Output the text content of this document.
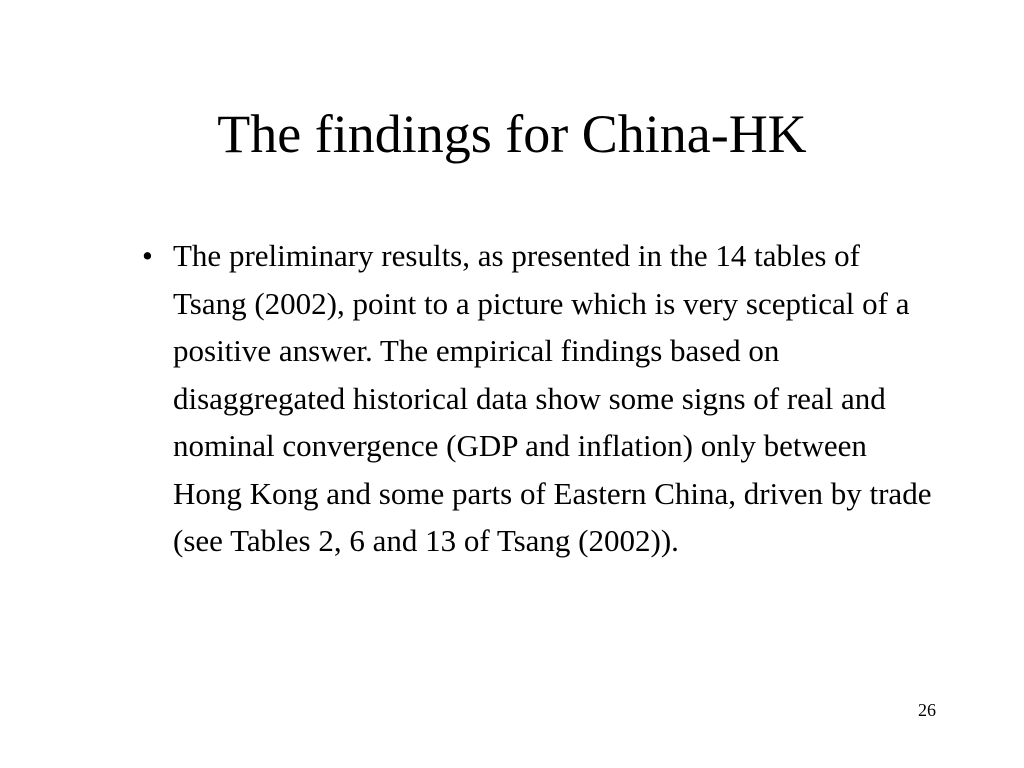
The findings for China-HK
• The preliminary results, as presented in the 14 tables of Tsang (2002), point to a picture which is very sceptical of a positive answer. The empirical findings based on disaggregated historical data show some signs of real and nominal convergence (GDP and inflation) only between Hong Kong and some parts of Eastern China, driven by trade (see Tables 2, 6 and 13 of Tsang (2002)).
26
